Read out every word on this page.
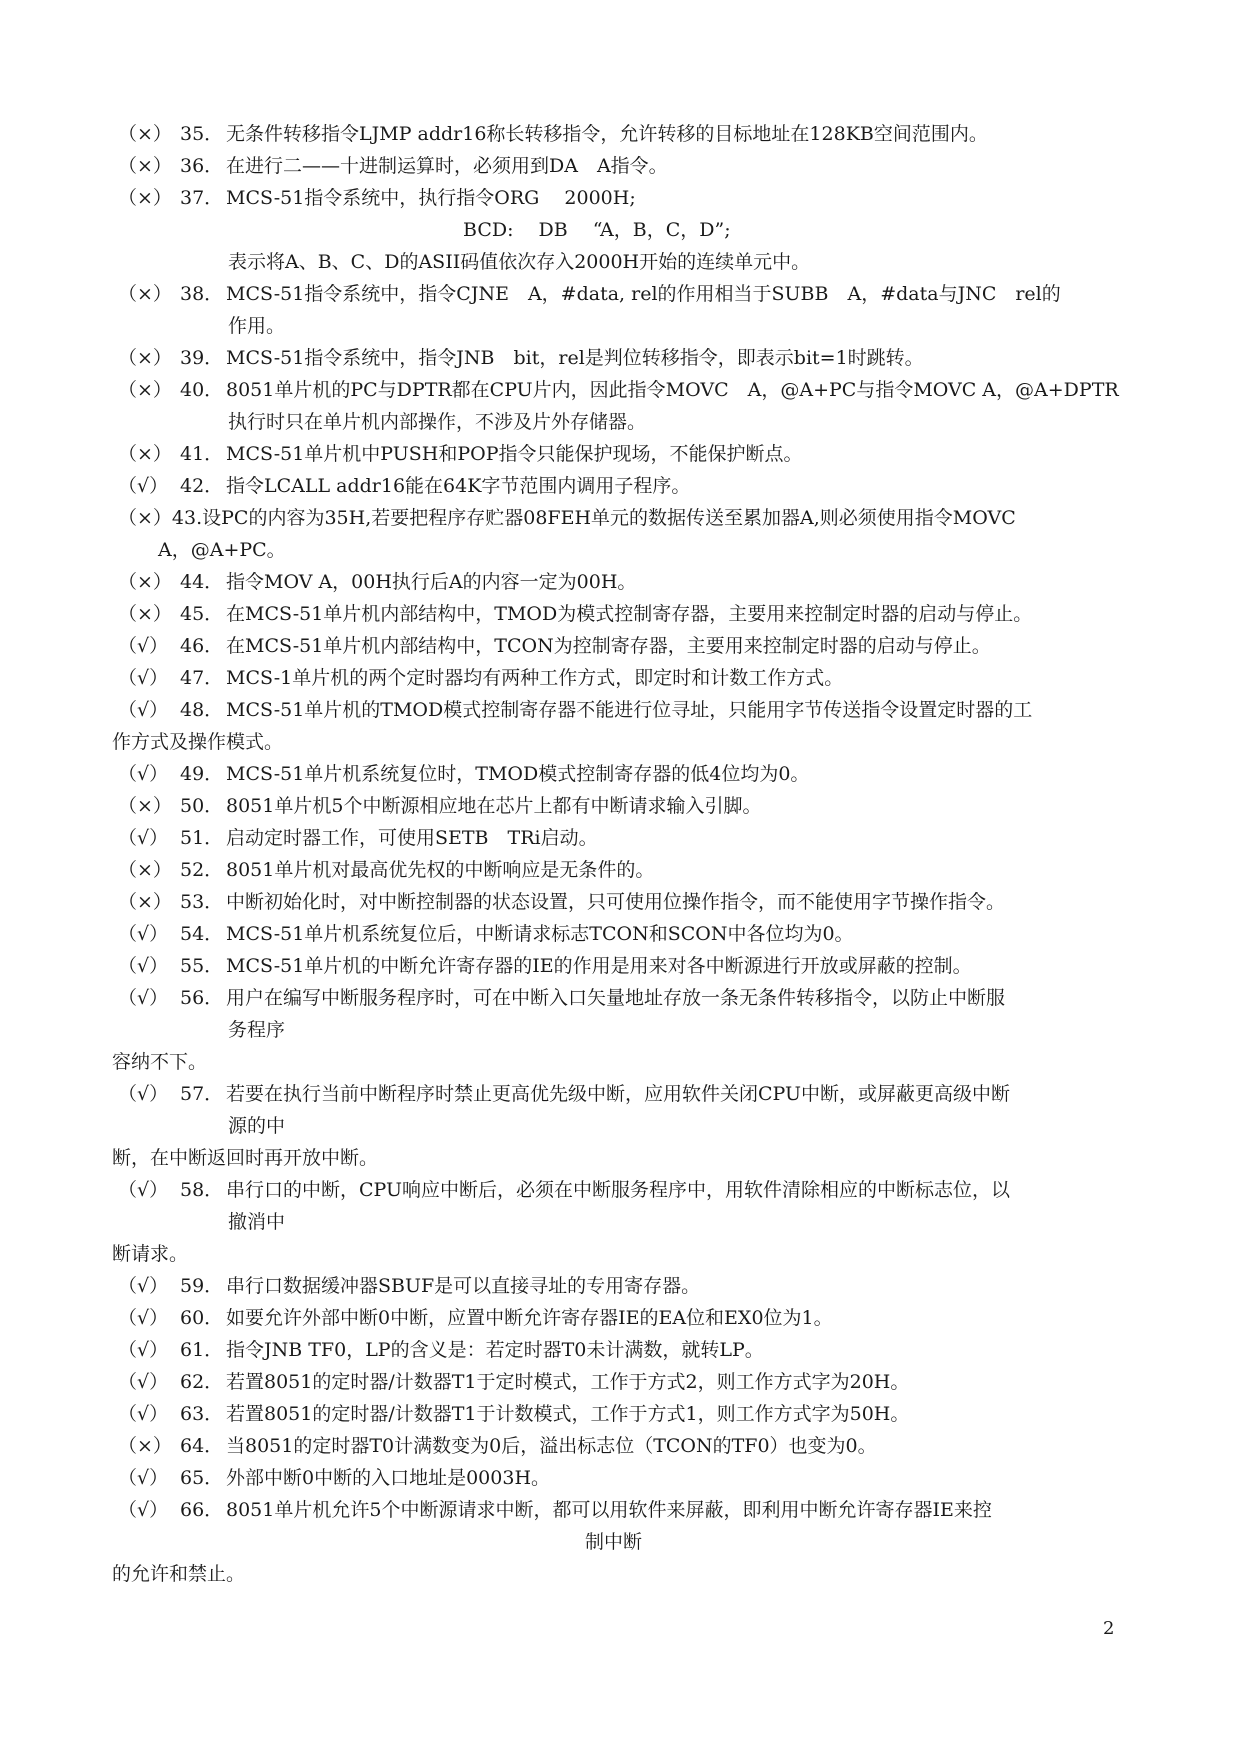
（×） 35． 无条件转移指令LJMP addr16称长转移指令，允许转移的目标地址在128KB空间范围内。
（×） 36． 在进行二——十进制运算时，必须用到DA　A指令。
（×） 37． MCS-51指令系统中，执行指令ORG　 2000H;
BCD:　 DB　 “A，B，C，D”;
表示将A、B、C、D的ASII码值依次存入2000H开始的连续单元中。
（×） 38． MCS-51指令系统中，指令CJNE　A，#data, rel的作用相当于SUBB　A，#data与JNC　rel的
作用。
（×） 39． MCS-51指令系统中，指令JNB　bit，rel是判位转移指令，即表示bit=1时跳转。
（×） 40． 8051单片机的PC与DPTR都在CPU片内，因此指令MOVC　A，@A+PC与指令MOVC A，@A+DPTR
执行时只在单片机内部操作，不涉及片外存储器。
（×） 41． MCS-51单片机中PUSH和POP指令只能保护现场，不能保护断点。
（√） 42． 指令LCALL addr16能在64K字节范围内调用子程序。
（×）43.设PC的内容为35H,若要把程序存贮器08FEH单元的数据传送至累加器A,则必须使用指令MOVC
A，@A+PC。
（×） 44． 指令MOV A，00H执行后A的内容一定为00H。
（×） 45． 在MCS-51单片机内部结构中，TMOD为模式控制寄存器，主要用来控制定时器的启动与停止。
（√） 46． 在MCS-51单片机内部结构中，TCON为控制寄存器，主要用来控制定时器的启动与停止。
（√） 47． MCS-1单片机的两个定时器均有两种工作方式，即定时和计数工作方式。
（√） 48． MCS-51单片机的TMOD模式控制寄存器不能进行位寻址，只能用字节传送指令设置定时器的工
作方式及操作模式。
（√） 49． MCS-51单片机系统复位时，TMOD模式控制寄存器的低4位均为0。
（×） 50． 8051单片机5个中断源相应地在芯片上都有中断请求输入引脚。
（√） 51． 启动定时器工作，可使用SETB　TRi启动。
（×） 52． 8051单片机对最高优先权的中断响应是无条件的。
（×） 53． 中断初始化时，对中断控制器的状态设置，只可使用位操作指令，而不能使用字节操作指令。
（√） 54． MCS-51单片机系统复位后，中断请求标志TCON和SCON中各位均为0。
（√） 55． MCS-51单片机的中断允许寄存器的IE的作用是用来对各中断源进行开放或屏蔽的控制。
（√） 56． 用户在编写中断服务程序时，可在中断入口矢量地址存放一条无条件转移指令，以防止中断服
务程序
容纳不下。
（√） 57． 若要在执行当前中断程序时禁止更高优先级中断，应用软件关闭CPU中断，或屏蔽更高级中断
源的中
断，在中断返回时再开放中断。
（√） 58． 串行口的中断，CPU响应中断后，必须在中断服务程序中，用软件清除相应的中断标志位，以
撤消中
断请求。
（√） 59． 串行口数据缓冲器SBUF是可以直接寻址的专用寄存器。
（√） 60． 如要允许外部中断0中断，应置中断允许寄存器IE的EA位和EX0位为1。
（√） 61． 指令JNB TF0，LP的含义是：若定时器T0未计满数，就转LP。
（√） 62． 若置8051的定时器/计数器T1于定时模式，工作于方式2，则工作方式字为20H。
（√） 63． 若置8051的定时器/计数器T1于计数模式，工作于方式1，则工作方式字为50H。
（×） 64． 当8051的定时器T0计满数变为0后，溢出标志位（TCON的TF0）也变为0。
（√） 65． 外部中断0中断的入口地址是0003H。
（√） 66． 8051单片机允许5个中断源请求中断，都可以用软件来屏蔽，即利用中断允许寄存器IE来控
制中断
的允许和禁止。
2
